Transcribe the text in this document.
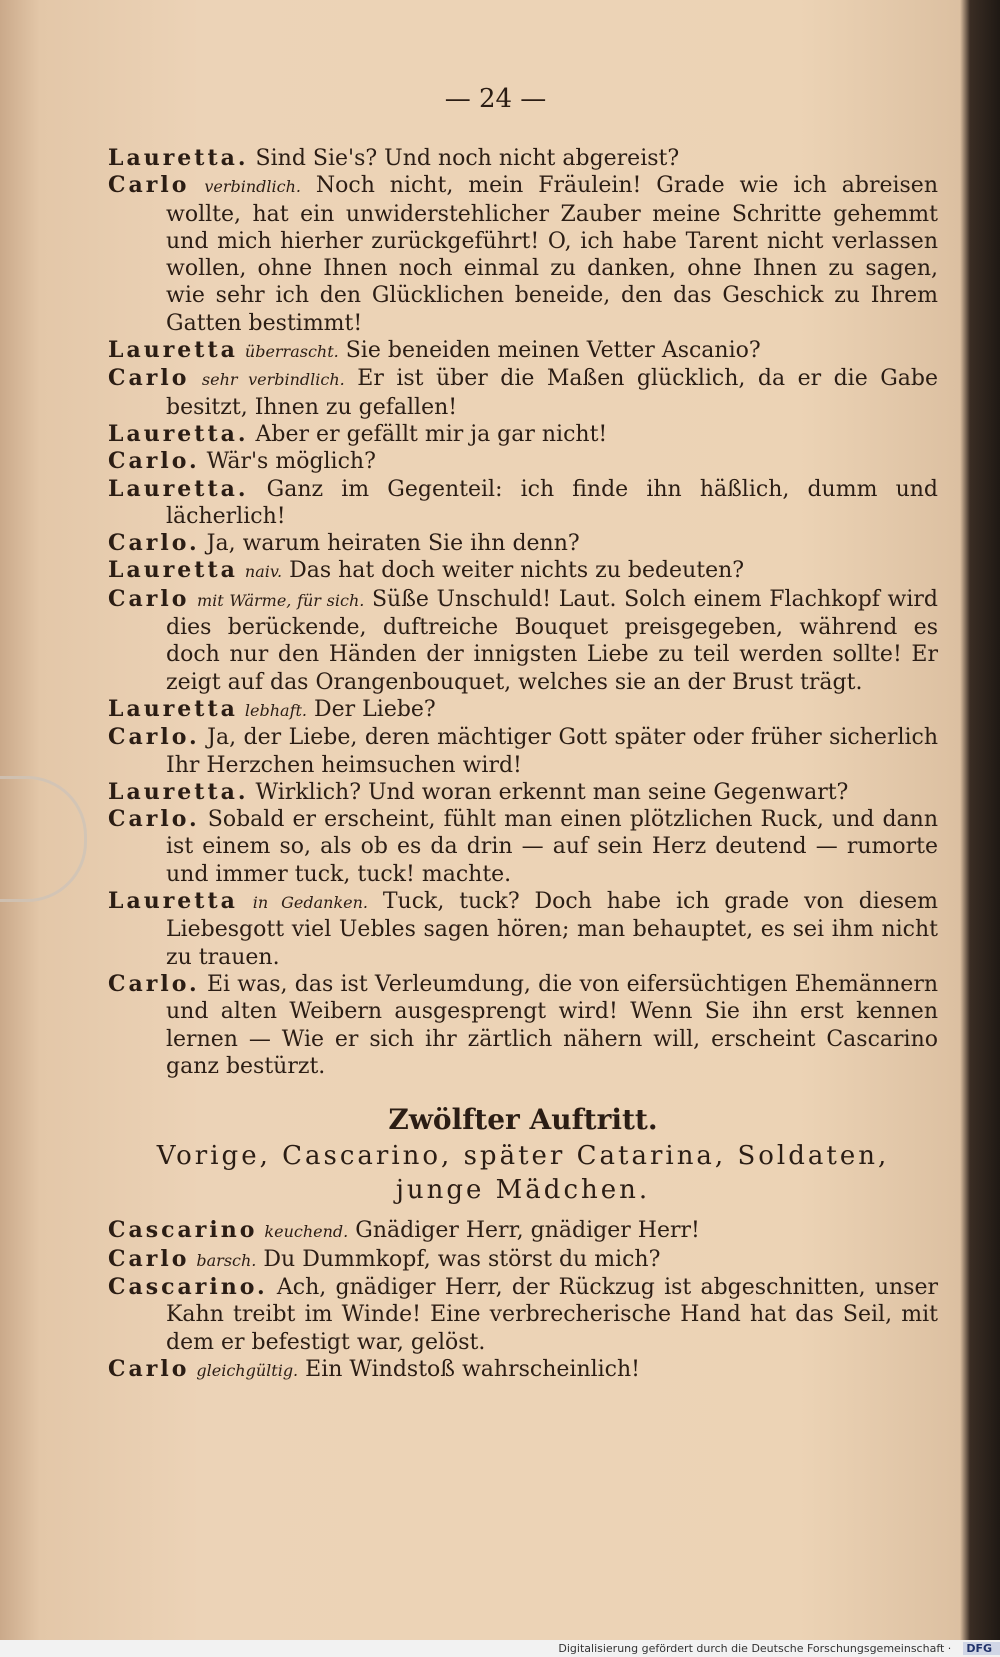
— 24 —

Lauretta. Sind Sie's? Und noch nicht abgereist?

Carlo verbindlich. Noch nicht, mein Fräulein! Grade wie ich abreisen wollte, hat ein unwiderstehlicher Zauber meine Schritte gehemmt und mich hierher zurückgeführt! O, ich habe Tarent nicht verlassen wollen, ohne Ihnen noch einmal zu danken, ohne Ihnen zu sagen, wie sehr ich den Glücklichen beneide, den das Geschick zu Ihrem Gatten bestimmt!

Lauretta überrascht. Sie beneiden meinen Vetter Ascanio?

Carlo sehr verbindlich. Er ist über die Maßen glücklich, da er die Gabe besitzt, Ihnen zu gefallen!

Lauretta. Aber er gefällt mir ja gar nicht!

Carlo. Wär's möglich?

Lauretta. Ganz im Gegenteil: ich finde ihn häßlich, dumm und lächerlich!

Carlo. Ja, warum heiraten Sie ihn denn?

Lauretta naiv. Das hat doch weiter nichts zu bedeuten?

Carlo mit Wärme, für sich. Süße Unschuld! Laut. Solch einem Flachkopf wird dies berückende, duftreiche Bouquet preisgegeben, während es doch nur den Händen der innigsten Liebe zu teil werden sollte! Er zeigt auf das Orangenbouquet, welches sie an der Brust trägt.

Lauretta lebhaft. Der Liebe?

Carlo. Ja, der Liebe, deren mächtiger Gott später oder früher sicherlich Ihr Herzchen heimsuchen wird!

Lauretta. Wirklich? Und woran erkennt man seine Gegenwart?

Carlo. Sobald er erscheint, fühlt man einen plötzlichen Ruck, und dann ist einem so, als ob es da drin — auf sein Herz deutend — rumorte und immer tuck, tuck! machte.

Lauretta in Gedanken. Tuck, tuck? Doch habe ich grade von diesem Liebesgott viel Uebles sagen hören; man behauptet, es sei ihm nicht zu trauen.

Carlo. Ei was, das ist Verleumdung, die von eifersüchtigen Ehemännern und alten Weibern ausgesprengt wird! Wenn Sie ihn erst kennen lernen — Wie er sich ihr zärtlich nähern will, erscheint Cascarino ganz bestürzt.

Zwölfter Auftritt.
Vorige, Cascarino, später Catarina, Soldaten, junge Mädchen.

Cascarino keuchend. Gnädiger Herr, gnädiger Herr!

Carlo barsch. Du Dummkopf, was störst du mich?

Cascarino. Ach, gnädiger Herr, der Rückzug ist abgeschnitten, unser Kahn treibt im Winde! Eine verbrecherische Hand hat das Seil, mit dem er befestigt war, gelöst.

Carlo gleichgültig. Ein Windstoß wahrscheinlich!

Digitalisierung gefördert durch die Deutsche Forschungsgemeinschaft · DFG
